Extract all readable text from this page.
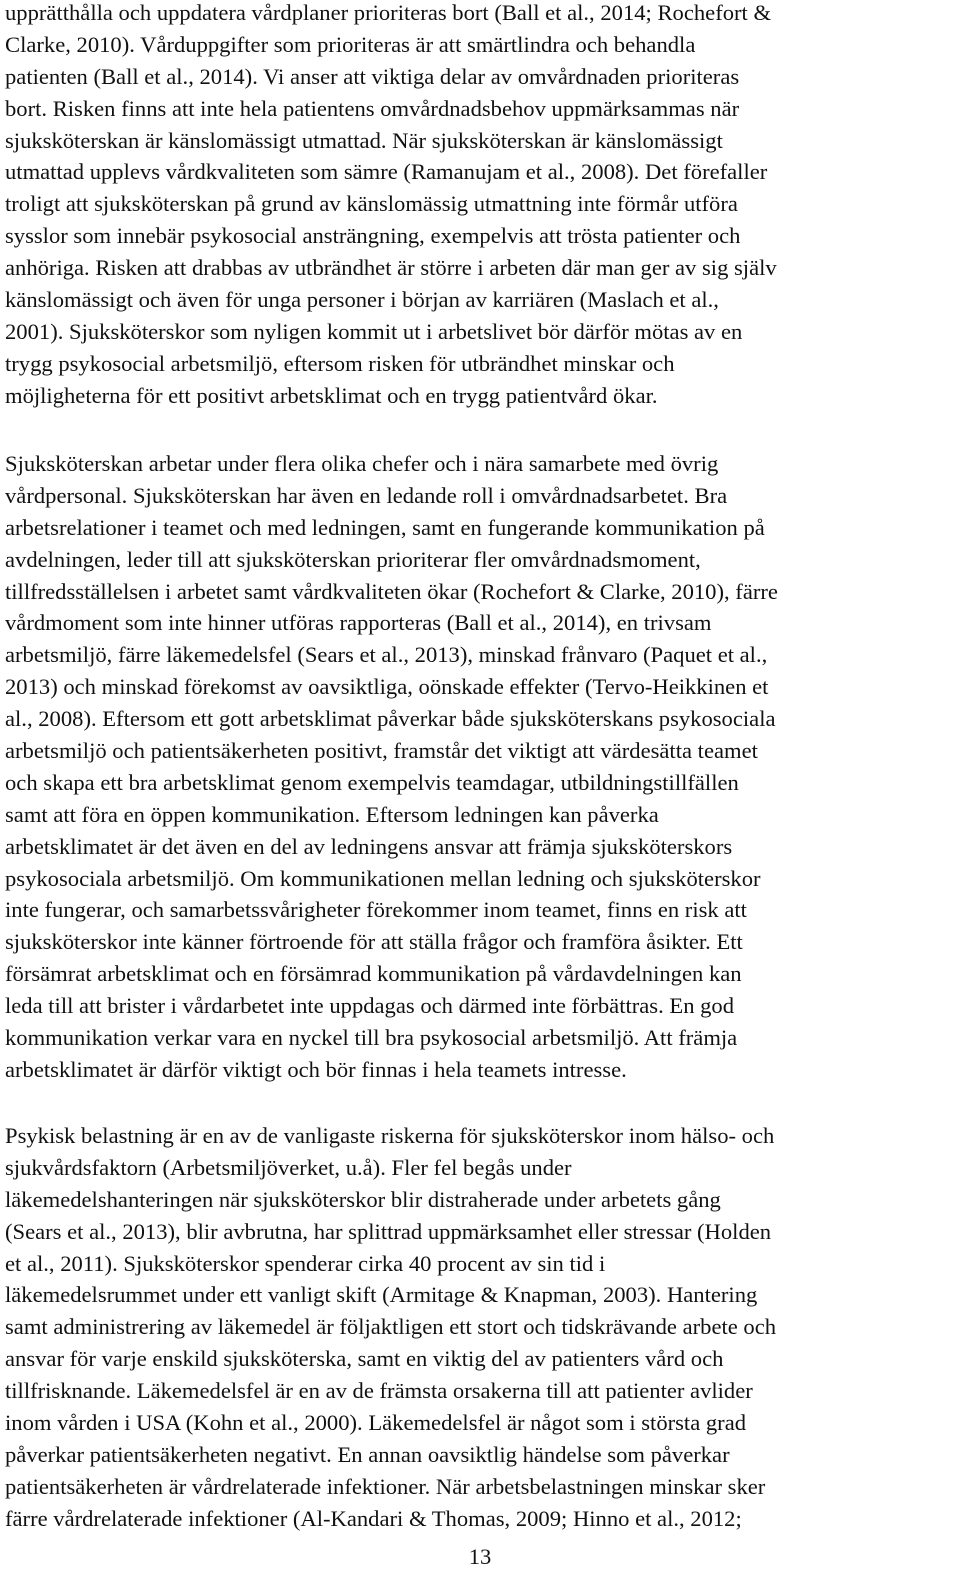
upprätthålla och uppdatera vårdplaner prioriteras bort (Ball et al., 2014; Rochefort &
Clarke, 2010). Vårduppgifter som prioriteras är att smärtlindra och behandla
patienten (Ball et al., 2014). Vi anser att viktiga delar av omvårdnaden prioriteras
bort. Risken finns att inte hela patientens omvårdnadsbehov uppmärksammas när
sjuksköterskan är känslomässigt utmattad. När sjuksköterskan är känslomässigt
utmattad upplevs vårdkvaliteten som sämre (Ramanujam et al., 2008). Det förefaller
troligt att sjuksköterskan på grund av känslomässig utmattning inte förmår utföra
sysslor som innebär psykosocial ansträngning, exempelvis att trösta patienter och
anhöriga. Risken att drabbas av utbrändhet är större i arbeten där man ger av sig själv
känslomässigt och även för unga personer i början av karriären (Maslach et al.,
2001). Sjuksköterskor som nyligen kommit ut i arbetslivet bör därför mötas av en
trygg psykosocial arbetsmiljö, eftersom risken för utbrändhet minskar och
möjligheterna för ett positivt arbetsklimat och en trygg patientvård ökar.

Sjuksköterskan arbetar under flera olika chefer och i nära samarbete med övrig
vårdpersonal. Sjuksköterskan har även en ledande roll i omvårdnadsarbetet. Bra
arbetsrelationer i teamet och med ledningen, samt en fungerande kommunikation på
avdelningen, leder till att sjuksköterskan prioriterar fler omvårdnadsmoment,
tillfredsställelsen i arbetet samt vårdkvaliteten ökar (Rochefort & Clarke, 2010), färre
vårdmoment som inte hinner utföras rapporteras (Ball et al., 2014), en trivsam
arbetsmiljö, färre läkemedelsfel (Sears et al., 2013), minskad frånvaro (Paquet et al.,
2013) och minskad förekomst av oavsiktliga, oönskade effekter (Tervo-Heikkinen et
al., 2008). Eftersom ett gott arbetsklimat påverkar både sjuksköterskans psykosociala
arbetsmiljö och patientsäkerheten positivt, framstår det viktigt att värdesätta teamet
och skapa ett bra arbetsklimat genom exempelvis teamdagar, utbildningstillfällen
samt att föra en öppen kommunikation. Eftersom ledningen kan påverka
arbetsklimatet är det även en del av ledningens ansvar att främja sjuksköterskors
psykosociala arbetsmiljö. Om kommunikationen mellan ledning och sjuksköterskor
inte fungerar, och samarbetssvårigheter förekommer inom teamet, finns en risk att
sjuksköterskor inte känner förtroende för att ställa frågor och framföra åsikter. Ett
försämrat arbetsklimat och en försämrad kommunikation på vårdavdelningen kan
leda till att brister i vårdarbetet inte uppdagas och därmed inte förbättras. En god
kommunikation verkar vara en nyckel till bra psykosocial arbetsmiljö. Att främja
arbetsklimatet är därför viktigt och bör finnas i hela teamets intresse.

Psykisk belastning är en av de vanligaste riskerna för sjuksköterskor inom hälso- och
sjukvårdsfaktorn (Arbetsmiljöverket, u.å). Fler fel begås under
läkemedelshanteringen när sjuksköterskor blir distraherade under arbetets gång
(Sears et al., 2013), blir avbrutna, har splittrad uppmärksamhet eller stressar (Holden
et al., 2011). Sjuksköterskor spenderar cirka 40 procent av sin tid i
läkemedelsrummet under ett vanligt skift (Armitage & Knapman, 2003). Hantering
samt administrering av läkemedel är följaktligen ett stort och tidskrävande arbete och
ansvar för varje enskild sjuksköterska, samt en viktig del av patienters vård och
tillfrisknande. Läkemedelsfel är en av de främsta orsakerna till att patienter avlider
inom vården i USA (Kohn et al., 2000). Läkemedelsfel är något som i största grad
påverkar patientsäkerheten negativt. En annan oavsiktlig händelse som påverkar
patientsäkerheten är vårdrelaterade infektioner. När arbetsbelastningen minskar sker
färre vårdrelaterade infektioner (Al-Kandari & Thomas, 2009; Hinno et al., 2012;

13
